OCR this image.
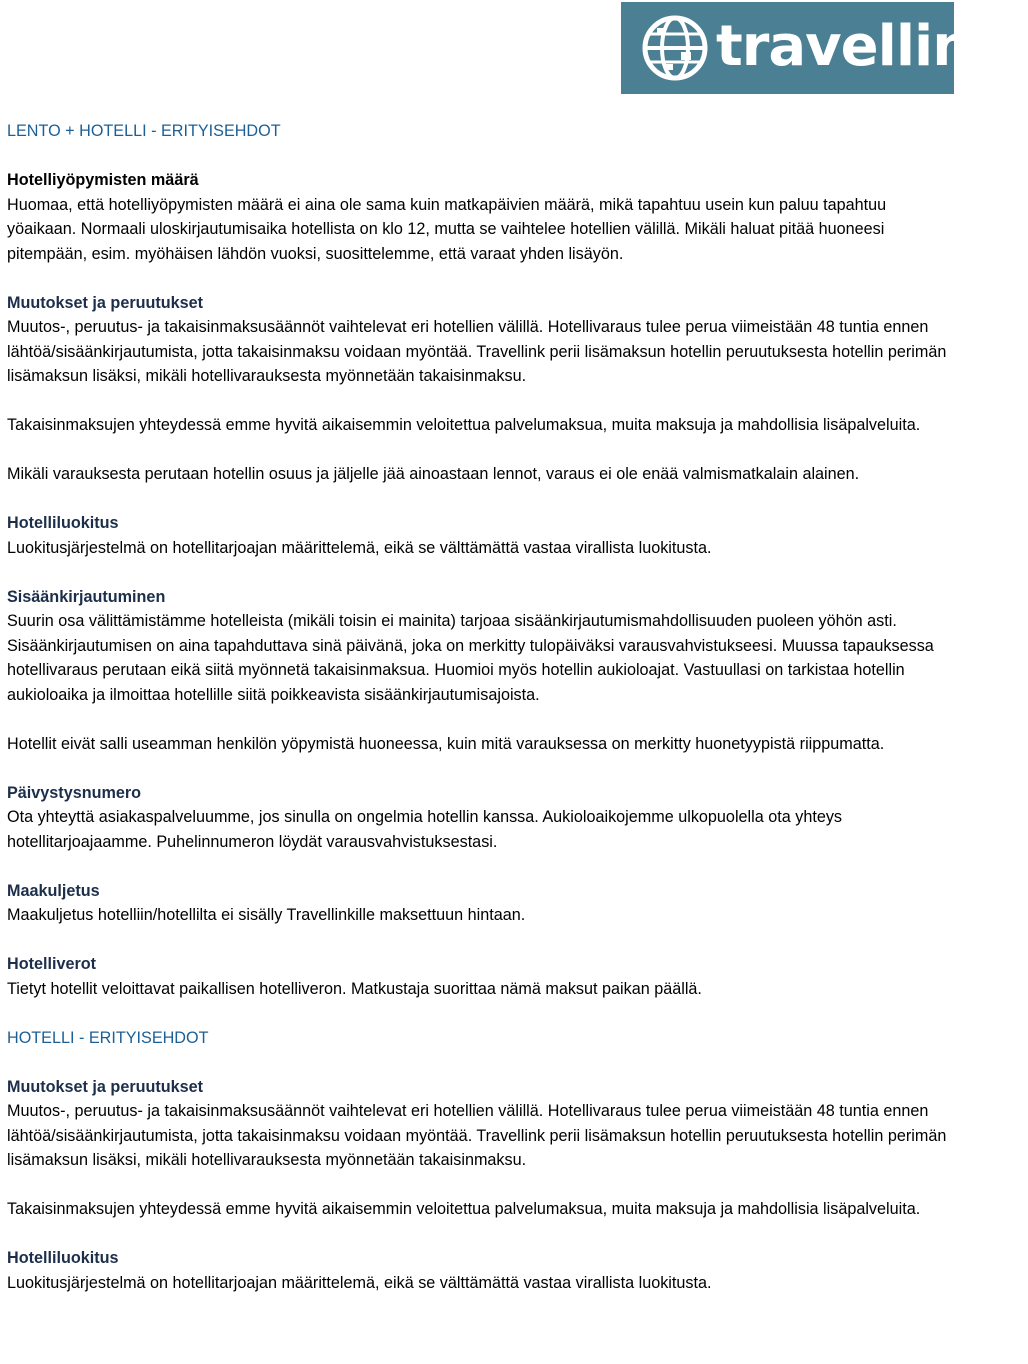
travellink.
LENTO + HOTELLI - ERITYISEHDOT
Hotelliyöpymisten määrä

Huomaa, että hotelliyöpymisten määrä ei aina ole sama kuin matkapäivien määrä, mikä tapahtuu usein kun paluu tapahtuu yöaikaan. Normaali uloskirjautumisaika hotellista on klo 12, mutta se vaihtelee hotellien välillä. Mikäli haluat pitää huoneesi pitempään, esim. myöhäisen lähdön vuoksi, suosittelemme, että varaat yhden lisäyön.

Muutokset ja peruutukset

Muutos-, peruutus- ja takaisinmaksusäännöt vaihtelevat eri hotellien välillä. Hotellivaraus tulee perua viimeistään 48 tuntia ennen lähtöä/sisäänkirjautumista, jotta takaisinmaksu voidaan myöntää. Travellink perii lisämaksun hotellin peruutuksesta hotellin perimän lisämaksun lisäksi, mikäli hotellivarauksesta myönnetään takaisinmaksu.

Takaisinmaksujen yhteydessä emme hyvitä aikaisemmin veloitettua palvelumaksua, muita maksuja ja mahdollisia lisäpalveluita.

Mikäli varauksesta perutaan hotellin osuus ja jäljelle jää ainoastaan lennot, varaus ei ole enää valmismatkalain alainen.

Hotelliluokitus

Luokitusjärjestelmä on hotellitarjoajan määrittelemä, eikä se välttämättä vastaa virallista luokitusta.

Sisäänkirjautuminen

Suurin osa välittämistämme hotelleista (mikäli toisin ei mainita) tarjoaa sisäänkirjautumismahdollisuuden puoleen yöhön asti. Sisäänkirjautumisen on aina tapahduttava sinä päivänä, joka on merkitty tulopäiväksi varausvahvistukseesi. Muussa tapauksessa hotellivaraus perutaan eikä siitä myönnetä takaisinmaksua. Huomioi myös hotellin aukioloajat. Vastuullasi on tarkistaa hotellin aukioloaika ja ilmoittaa hotellille siitä poikkeavista sisäänkirjautumisajoista.

Hotellit eivät salli useamman henkilön yöpymistä huoneessa, kuin mitä varauksessa on merkitty huonetyypistä riippumatta.

Päivystysnumero

Ota yhteyttä asiakaspalveluumme, jos sinulla on ongelmia hotellin kanssa. Aukioloaikojemme ulkopuolella ota yhteys hotellitarjoajaamme. Puhelinnumeron löydät varausvahvistuksestasi.

Maakuljetus

Maakuljetus hotelliin/hotellilta ei sisälly Travellinkille maksettuun hintaan.

Hotelliverot

Tietyt hotellit veloittavat paikallisen hotelliveron. Matkustaja suorittaa nämä maksut paikan päällä.

HOTELLI - ERITYISEHDOT
Muutokset ja peruutukset

Muutos-, peruutus- ja takaisinmaksusäännöt vaihtelevat eri hotellien välillä. Hotellivaraus tulee perua viimeistään 48 tuntia ennen lähtöä/sisäänkirjautumista, jotta takaisinmaksu voidaan myöntää. Travellink perii lisämaksun hotellin peruutuksesta hotellin perimän lisämaksun lisäksi, mikäli hotellivarauksesta myönnetään takaisinmaksu.

Takaisinmaksujen yhteydessä emme hyvitä aikaisemmin veloitettua palvelumaksua, muita maksuja ja mahdollisia lisäpalveluita.

Hotelliluokitus

Luokitusjärjestelmä on hotellitarjoajan määrittelemä, eikä se välttämättä vastaa virallista luokitusta.
